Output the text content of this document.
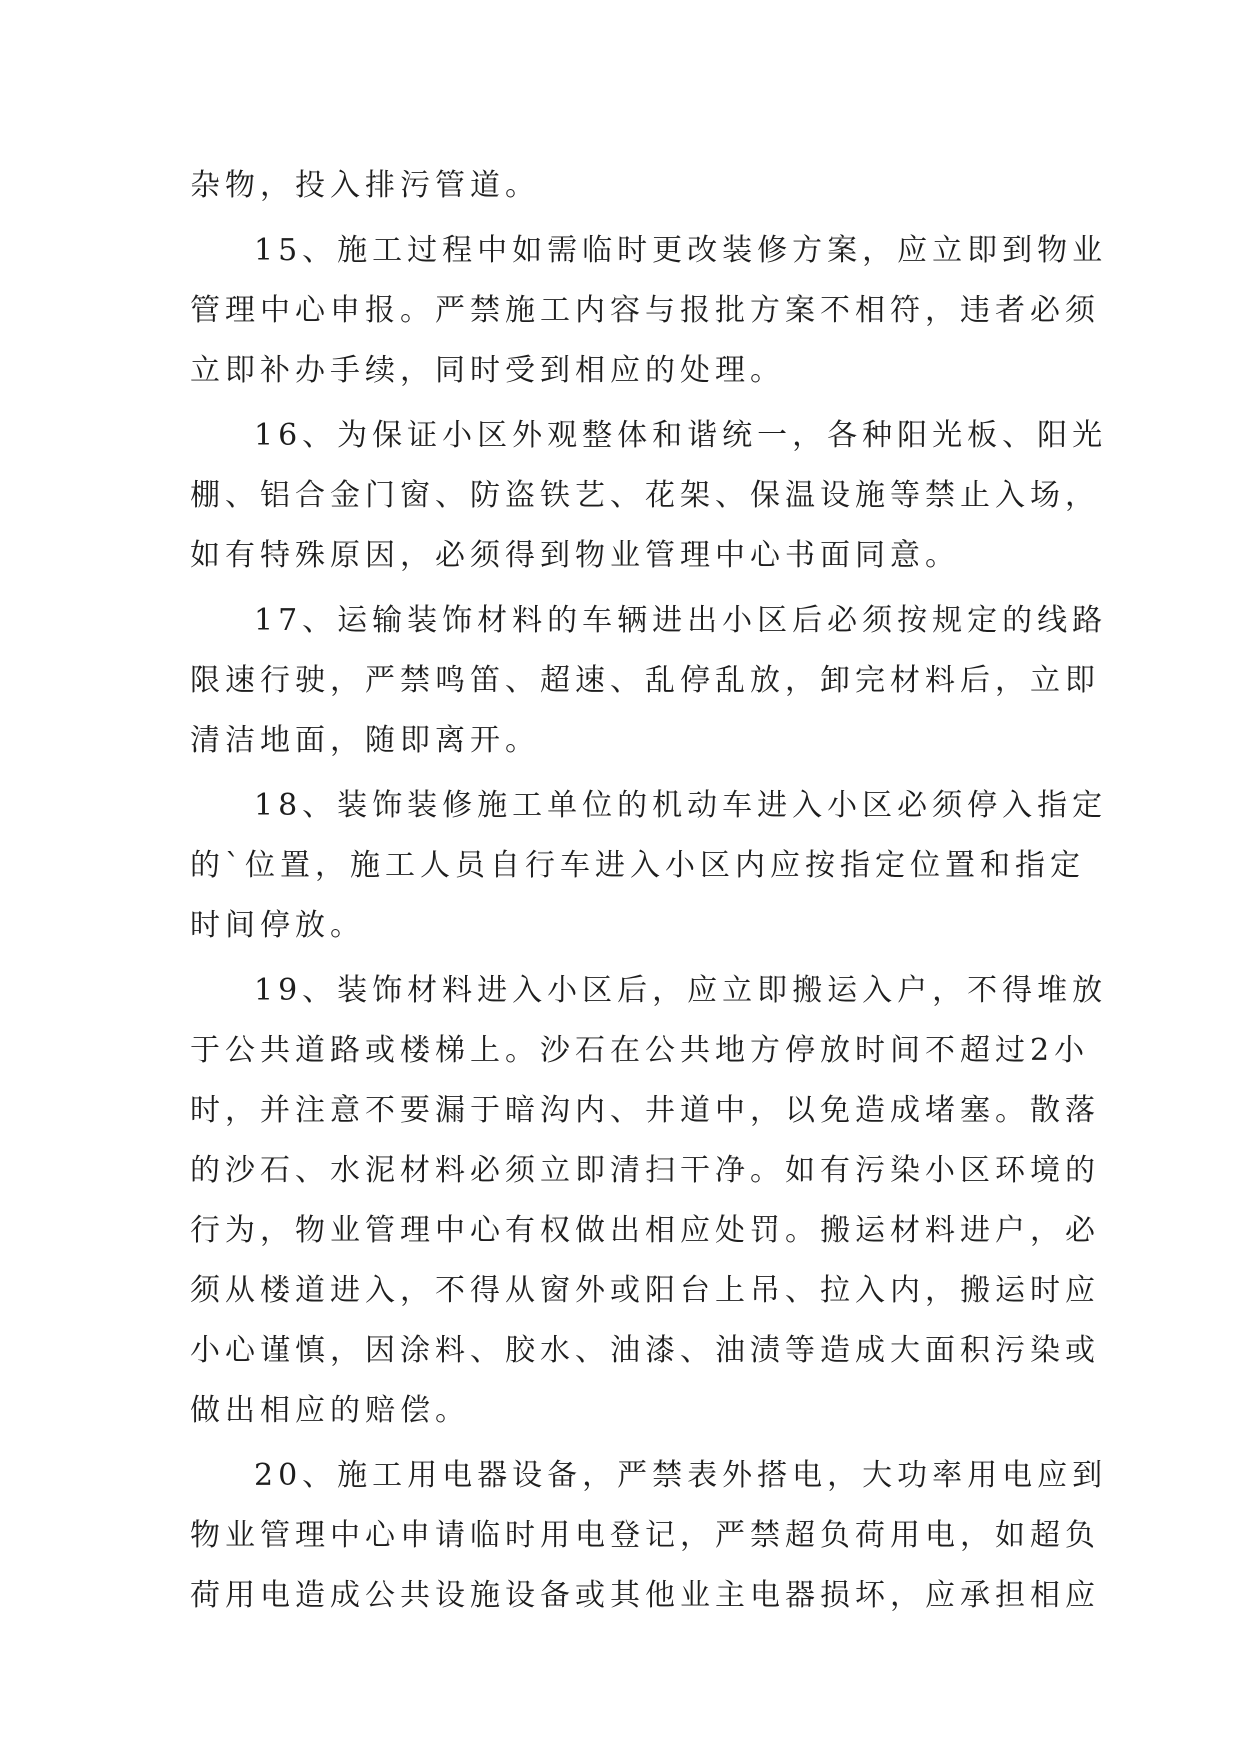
杂物，投入排污管道。
15、施工过程中如需临时更改装修方案，应立即到物业
管理中心申报。严禁施工内容与报批方案不相符，违者必须
立即补办手续，同时受到相应的处理。
16、为保证小区外观整体和谐统一，各种阳光板、阳光
棚、铝合金门窗、防盗铁艺、花架、保温设施等禁止入场，
如有特殊原因，必须得到物业管理中心书面同意。
17、运输装饰材料的车辆进出小区后必须按规定的线路
限速行驶，严禁鸣笛、超速、乱停乱放，卸完材料后，立即
清洁地面，随即离开。
18、装饰装修施工单位的机动车进入小区必须停入指定
的`位置，施工人员自行车进入小区内应按指定位置和指定
时间停放。
19、装饰材料进入小区后，应立即搬运入户，不得堆放
于公共道路或楼梯上。沙石在公共地方停放时间不超过2小
时，并注意不要漏于暗沟内、井道中，以免造成堵塞。散落
的沙石、水泥材料必须立即清扫干净。如有污染小区环境的
行为，物业管理中心有权做出相应处罚。搬运材料进户，必
须从楼道进入，不得从窗外或阳台上吊、拉入内，搬运时应
小心谨慎，因涂料、胶水、油漆、油渍等造成大面积污染或
做出相应的赔偿。
20、施工用电器设备，严禁表外搭电，大功率用电应到
物业管理中心申请临时用电登记，严禁超负荷用电，如超负
荷用电造成公共设施设备或其他业主电器损坏，应承担相应
